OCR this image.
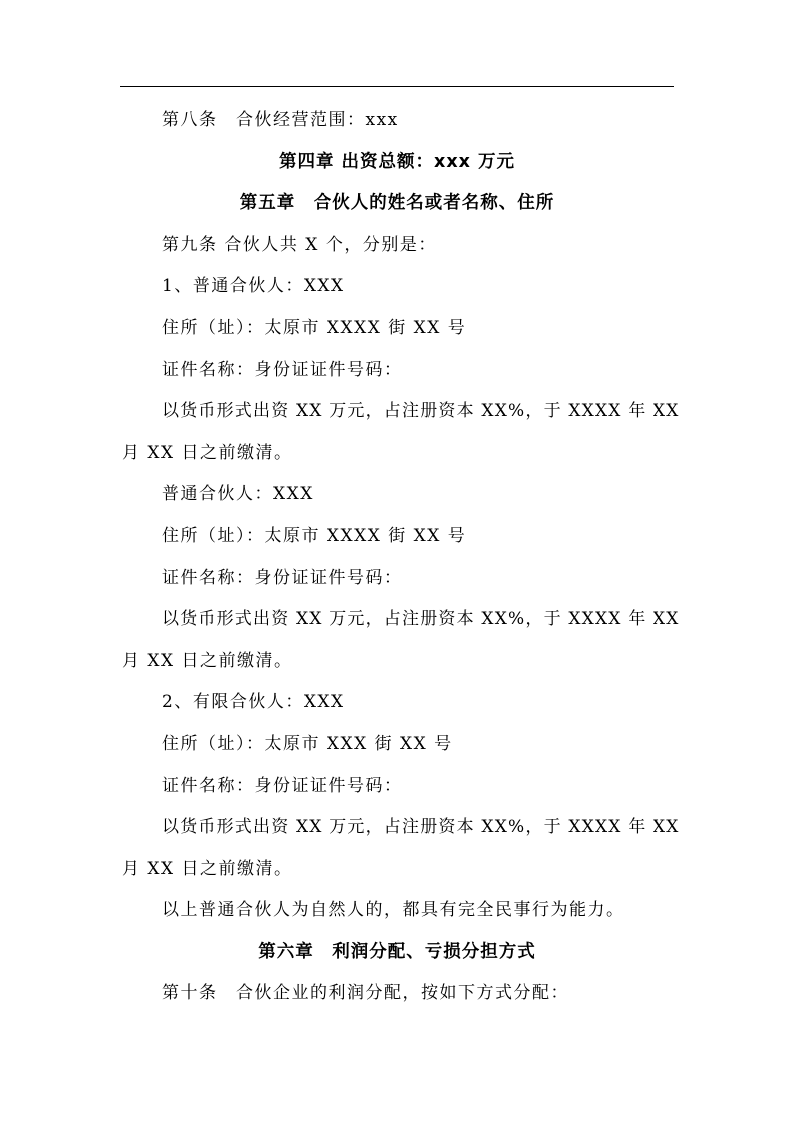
第八条　合伙经营范围：xxx
第四章 出资总额：xxx 万元
第五章　合伙人的姓名或者名称、住所
第九条 合伙人共 X 个，分别是：
1、普通合伙人：XXX
住所（址）：太原市 XXXX 街 XX 号
证件名称：身份证证件号码：
以货币形式出资 XX 万元，占注册资本 XX%，于 XXXX 年 XX
月 XX 日之前缴清。
普通合伙人：XXX
住所（址）：太原市 XXXX 街 XX 号
证件名称：身份证证件号码：
以货币形式出资 XX 万元，占注册资本 XX%，于 XXXX 年 XX
月 XX 日之前缴清。
2、有限合伙人：XXX
住所（址）：太原市 XXX 街 XX 号
证件名称：身份证证件号码：
以货币形式出资 XX 万元，占注册资本 XX%，于 XXXX 年 XX
月 XX 日之前缴清。
以上普通合伙人为自然人的，都具有完全民事行为能力。
第六章　利润分配、亏损分担方式
第十条　合伙企业的利润分配，按如下方式分配：
